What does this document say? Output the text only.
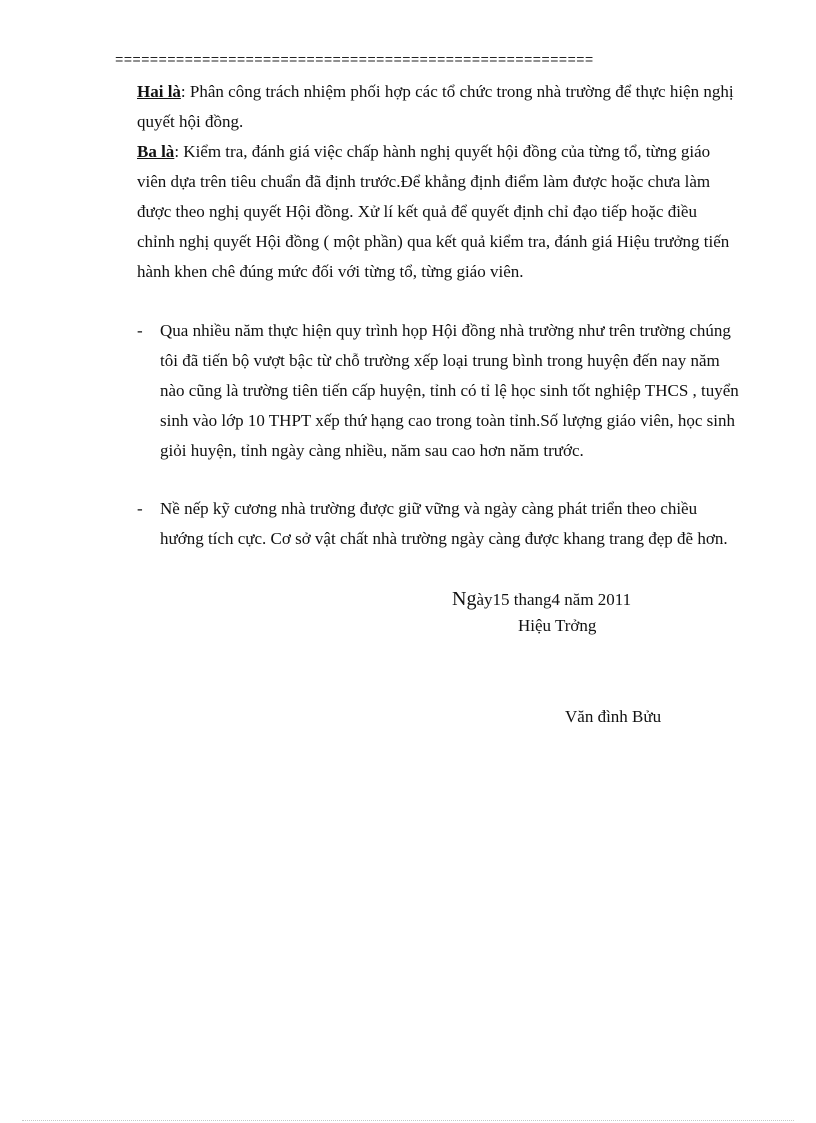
=======================================================
Hai là: Phân công trách nhiệm phối hợp các tổ chức trong nhà trường để thực hiện nghị quyết hội đồng.
Ba là: Kiểm tra, đánh giá việc chấp hành nghị quyết hội đồng của từng tổ, từng giáo viên dựa trên tiêu chuẩn đã định trước.Để khẳng định điểm làm được hoặc chưa làm được theo nghị quyết Hội đồng. Xử lí kết quả để quyết định chỉ đạo tiếp hoặc điều chỉnh nghị quyết Hội đồng ( một phần) qua kết quả kiểm tra, đánh giá Hiệu trưởng tiến hành khen chê đúng mức đối với từng tổ, từng giáo viên.
- Qua nhiều năm thực hiện quy trình họp Hội đồng nhà trường như trên trường chúng tôi đã tiến bộ vượt bậc từ chỗ trường xếp loại trung bình trong huyện đến nay năm nào cũng là trường tiên tiến cấp huyện, tỉnh có tỉ lệ học sinh tốt nghiệp THCS , tuyển sinh vào lớp 10 THPT xếp thứ hạng cao trong toàn tỉnh.Số lượng giáo viên, học sinh giỏi huyện, tỉnh ngày càng nhiều, năm sau cao hơn năm trước.
- Nề nếp kỹ cương nhà trường được giữ vững và ngày càng phát triển theo chiều hướng tích cực. Cơ sở vật chất nhà trường ngày càng được khang trang đẹp đẽ hơn.
Ngày15 thang4 năm 2011
Hiệu Trởng
Văn đình Bửu
